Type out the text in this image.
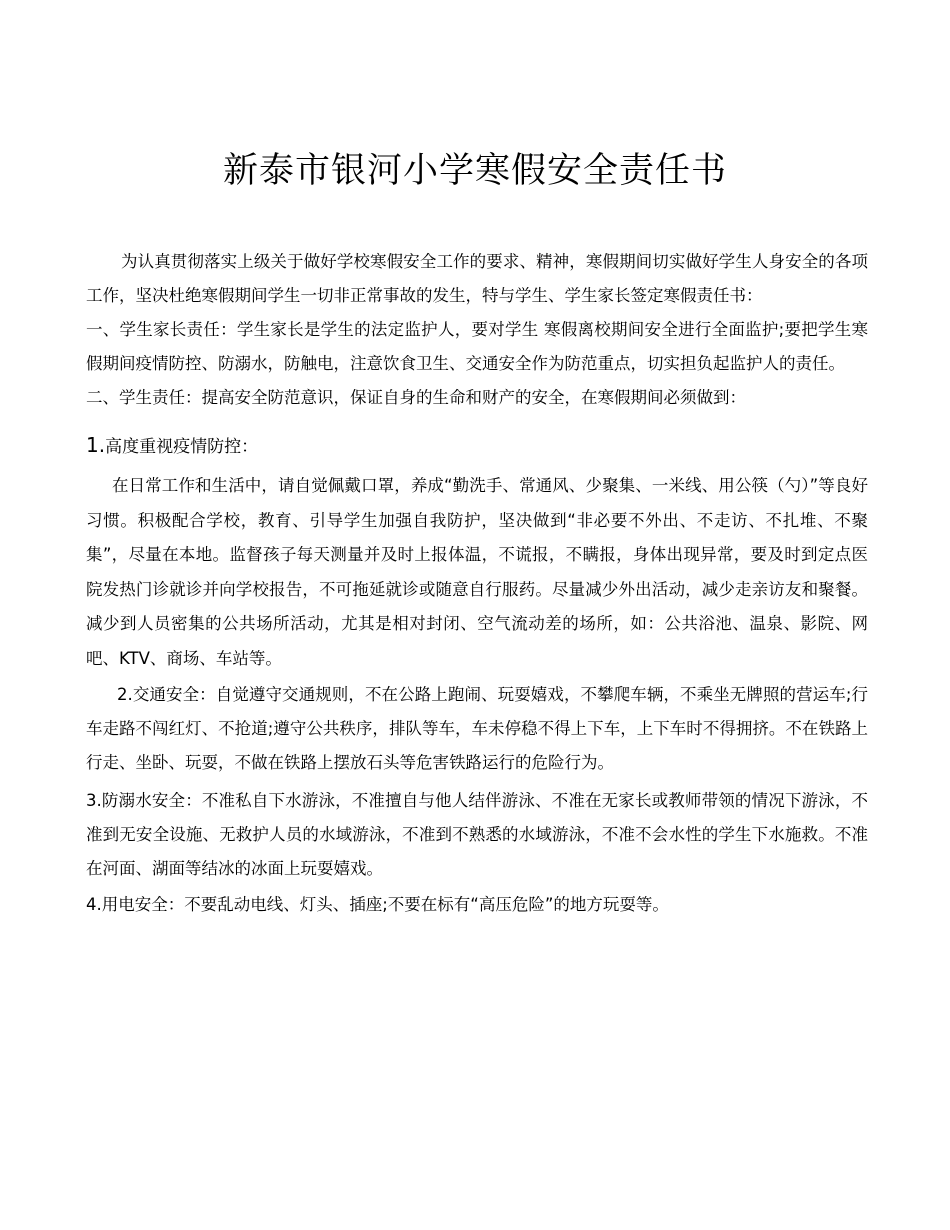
新泰市银河小学寒假安全责任书

为认真贯彻落实上级关于做好学校寒假安全工作的要求、精神，寒假期间切实做好学生人身安全的各项工作，坚决杜绝寒假期间学生一切非正常事故的发生，特与学生、学生家长签定寒假责任书：

一、学生家长责任：学生家长是学生的法定监护人，要对学生 寒假离校期间安全进行全面监护;要把学生寒假期间疫情防控、防溺水，防触电，注意饮食卫生、交通安全作为防范重点，切实担负起监护人的责任。

二、学生责任：提高安全防范意识，保证自身的生命和财产的安全，在寒假期间必须做到：

1.高度重视疫情防控：

在日常工作和生活中，请自觉佩戴口罩，养成“勤洗手、常通风、少聚集、一米线、用公筷（勺）”等良好习惯。积极配合学校，教育、引导学生加强自我防护，坚决做到“非必要不外出、不走访、不扎堆、不聚集”，尽量在本地。监督孩子每天测量并及时上报体温，不谎报，不瞒报，身体出现异常，要及时到定点医院发热门诊就诊并向学校报告，不可拖延就诊或随意自行服药。尽量减少外出活动，减少走亲访友和聚餐。减少到人员密集的公共场所活动，尤其是相对封闭、空气流动差的场所，如：公共浴池、温泉、影院、网吧、KTV、商场、车站等。

2.交通安全：自觉遵守交通规则，不在公路上跑闹、玩耍嬉戏，不攀爬车辆，不乘坐无牌照的营运车;行车走路不闯红灯、不抢道;遵守公共秩序，排队等车，车未停稳不得上下车，上下车时不得拥挤。不在铁路上行走、坐卧、玩耍，不做在铁路上摆放石头等危害铁路运行的危险行为。

3.防溺水安全：不准私自下水游泳，不准擅自与他人结伴游泳、不准在无家长或教师带领的情况下游泳，不准到无安全设施、无救护人员的水域游泳，不准到不熟悉的水域游泳，不准不会水性的学生下水施救。不准在河面、湖面等结冰的冰面上玩耍嬉戏。

4.用电安全：不要乱动电线、灯头、插座;不要在标有“高压危险”的地方玩耍等。
